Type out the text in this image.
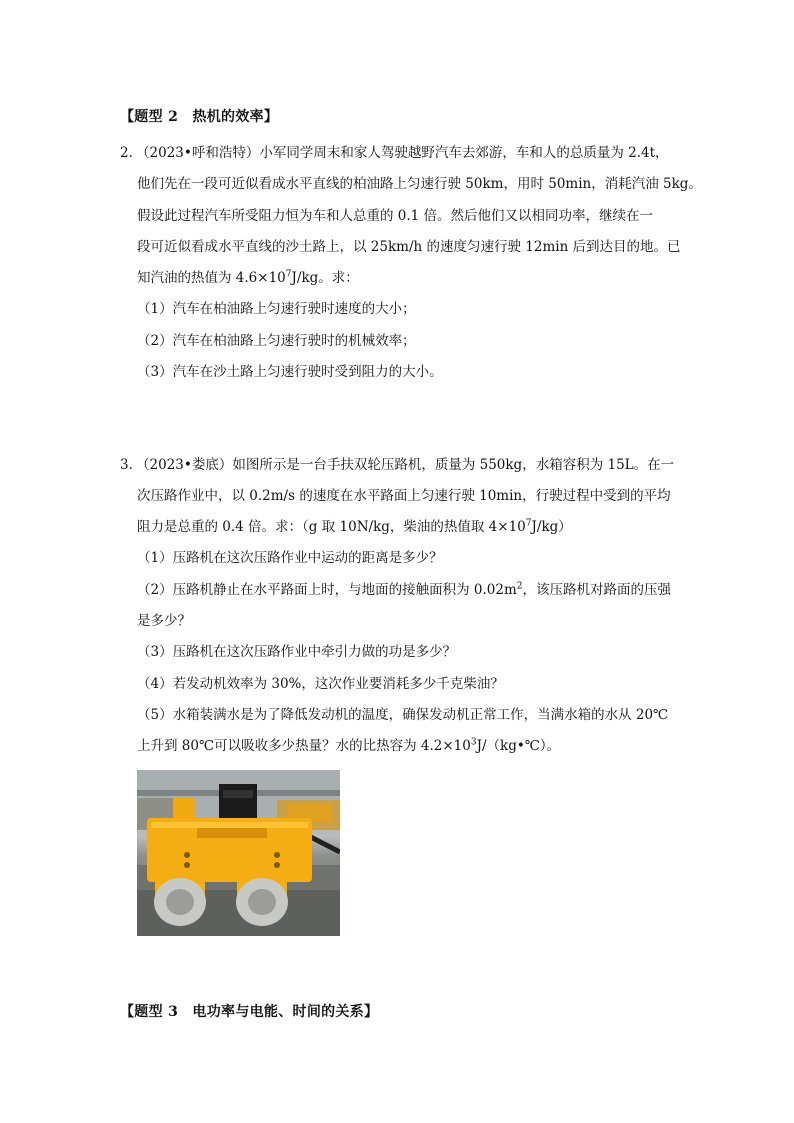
【题型 2　热机的效率】
2．
（2023•呼和浩特）小军同学周末和家人驾驶越野汽车去郊游，车和人的总质量为 2.4t，
他们先在一段可近似看成水平直线的柏油路上匀速行驶 50km，用时 50min，消耗汽油 5kg。
假设此过程汽车所受阻力恒为车和人总重的 0.1 倍。然后他们又以相同功率，继续在一
段可近似看成水平直线的沙土路上，以 25km/h 的速度匀速行驶 12min 后到达目的地。已
知汽油的热值为 $4.6\times 10^7J/kg$。求：
（1）汽车在柏油路上匀速行驶时速度的大小；
（2）汽车在柏油路上匀速行驶时的机械效率；
（3）汽车在沙土路上匀速行驶时受到阻力的大小。
3．
（2023•娄底）如图所示是一台手扶双轮压路机，质量为 550kg，水箱容积为 15L。在一
次压路作业中，以 0.2m/s 的速度在水平路面上匀速行驶 10min，行驶过程中受到的平均
阻力是总重的 0.4 倍。求：（g 取 10N/kg，柴油的热值取 $4\times 10^7J/kg$）
（1）压路机在这次压路作业中运动的距离是多少？
（2）压路机静止在水平路面上时，与地面的接触面积为 $0.02m^2$，该压路机对路面的压强
是多少？
（3）压路机在这次压路作业中牵引力做的功是多少？
（4）若发动机效率为 30%，这次作业要消耗多少千克柴油？
（5）水箱装满水是为了降低发动机的温度，确保发动机正常工作，当满水箱的水从 20℃
上升到 80℃可以吸收多少热量？水的比热容为 $4.2\times 10^3J/(kg•℃)$。
【题型 3　电功率与电能、时间的关系】
